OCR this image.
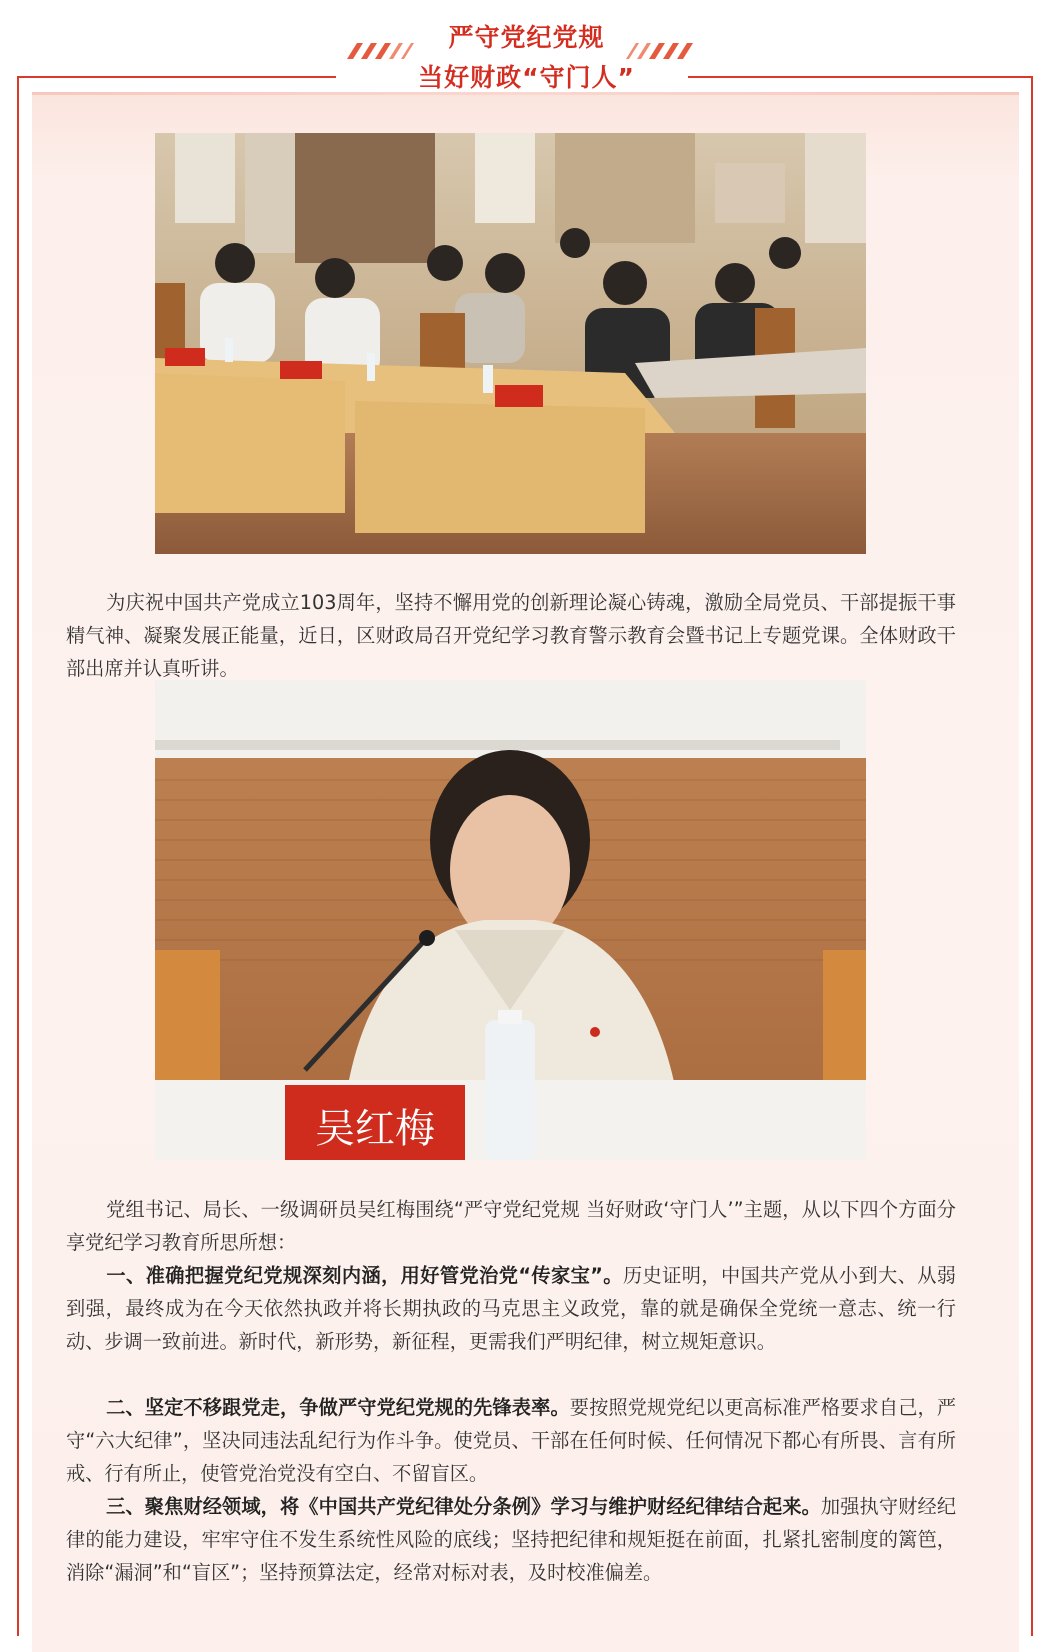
严守党纪党规
当好财政“守门人”

为庆祝中国共产党成立103周年，坚持不懈用党的创新理论凝心铸魂，激励全局党员、干部提振干事精气神、凝聚发展正能量，近日，区财政局召开党纪学习教育警示教育会暨书记上专题党课。全体财政干部出席并认真听讲。

吴红梅

党组书记、局长、一级调研员吴红梅围绕“严守党纪党规 当好财政‘守门人’”主题，从以下四个方面分享党纪学习教育所思所想：

一、准确把握党纪党规深刻内涵，用好管党治党“传家宝”。历史证明，中国共产党从小到大、从弱到强，最终成为在今天依然执政并将长期执政的马克思主义政党，靠的就是确保全党统一意志、统一行动、步调一致前进。新时代，新形势，新征程，更需我们严明纪律，树立规矩意识。

二、坚定不移跟党走，争做严守党纪党规的先锋表率。要按照党规党纪以更高标准严格要求自己，严守“六大纪律”，坚决同违法乱纪行为作斗争。使党员、干部在任何时候、任何情况下都心有所畏、言有所戒、行有所止，使管党治党没有空白、不留盲区。

三、聚焦财经领域，将《中国共产党纪律处分条例》学习与维护财经纪律结合起来。加强执守财经纪律的能力建设，牢牢守住不发生系统性风险的底线；坚持把纪律和规矩挺在前面，扎紧扎密制度的篱笆，消除“漏洞”和“盲区”；坚持预算法定，经常对标对表，及时校准偏差。
